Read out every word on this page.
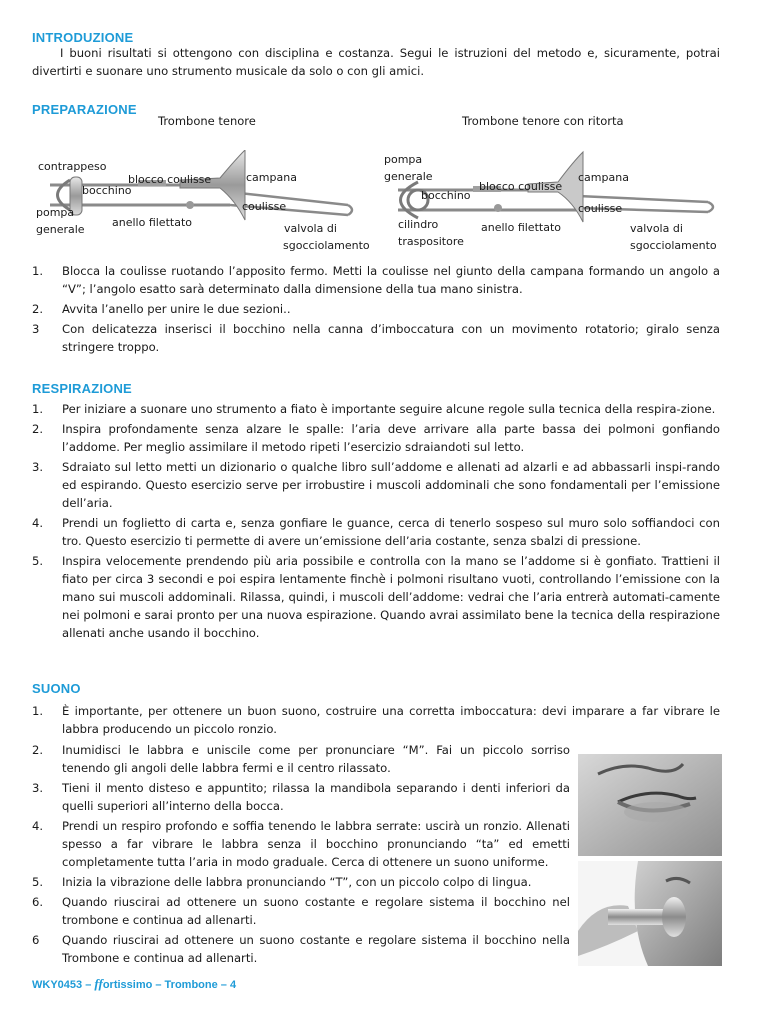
INTRODUZIONE
I buoni risultati si ottengono con disciplina e costanza. Segui le istruzioni del metodo e, sicuramente, potrai divertirti e suonare uno strumento musicale da solo o con gli amici.
PREPARAZIONE
Trombone tenore
contrappeso
blocco coulisse
bocchino
campana
pompa
generale
coulisse
anello filettato	valvola di
sgocciolamento
Trombone tenore con ritorta
pompa
generale
blocco coulisse
bocchino
campana
coulisse
cilindro
traspositore
anello filettato	valvola di
sgocciolamento
1. Blocca la coulisse ruotando l’apposito fermo. Metti la coulisse nel giunto della campana formando un angolo a “V”; l’angolo esatto sarà determinato dalla dimensione della tua mano sinistra.
2. Avvita l’anello per unire le due sezioni..
3 Con delicatezza inserisci il bocchino nella canna d’imboccatura con un movimento rotatorio; giralo senza stringere troppo.
RESPIRAZIONE
1. Per iniziare a suonare uno strumento a fiato è importante seguire alcune regole sulla tecnica della respira-zione.
2. Inspira profondamente senza alzare le spalle: l’aria deve arrivare alla parte bassa dei polmoni gonfiando l’addome. Per meglio assimilare il metodo ripeti l’esercizio sdraiandoti sul letto.
3. Sdraiato sul letto metti un dizionario o qualche libro sull’addome e allenati ad alzarli e ad abbassarli inspi-rando ed espirando. Questo esercizio serve per irrobustire i muscoli addominali che sono fondamentali per l’emissione dell’aria.
4. Prendi un foglietto di carta e, senza gonfiare le guance, cerca di tenerlo sospeso sul muro solo soffiandoci con tro. Questo esercizio ti permette di avere un’emissione dell’aria costante, senza sbalzi di pressione.
5. Inspira velocemente prendendo più aria possibile e controlla con la mano se l’addome si è gonfiato. Trattieni il fiato per circa 3 secondi e poi espira lentamente finchè i polmoni risultano vuoti, controllando l’emissione con la mano sui muscoli addominali. Rilassa, quindi, i muscoli dell’addome: vedrai che l’aria entrerà automati-camente nei polmoni e sarai pronto per una nuova espirazione. Quando avrai assimilato bene la tecnica della respirazione allenati anche usando il bocchino.
SUONO
1. È importante, per ottenere un buon suono, costruire una corretta imboccatura: devi imparare a far vibrare le labbra producendo un piccolo ronzio.
2. Inumidisci le labbra e uniscile come per pronunciare “M”. Fai un piccolo sorriso tenendo gli angoli delle labbra fermi e il centro rilassato.
3. Tieni il mento disteso e appuntito; rilassa la mandibola separando i denti inferiori da quelli superiori all’interno della bocca.
4. Prendi un respiro profondo e soffia tenendo le labbra serrate: uscirà un ronzio. Allenati spesso a far vibrare le labbra senza il bocchino pronunciando “ta” ed emetti completamente tutta l’aria in modo graduale. Cerca di ottenere un suono uniforme.
5. Inizia la vibrazione delle labbra pronunciando “T”, con un piccolo colpo di lingua.
6. Quando riuscirai ad ottenere un suono costante e regolare sistema il bocchino nel trombone e continua ad allenarti.
6 Quando riuscirai ad ottenere un suono costante e regolare sistema il bocchino nella Trombone e continua ad allenarti.
WKY0453 – ffortissimo – Trombone – 4
